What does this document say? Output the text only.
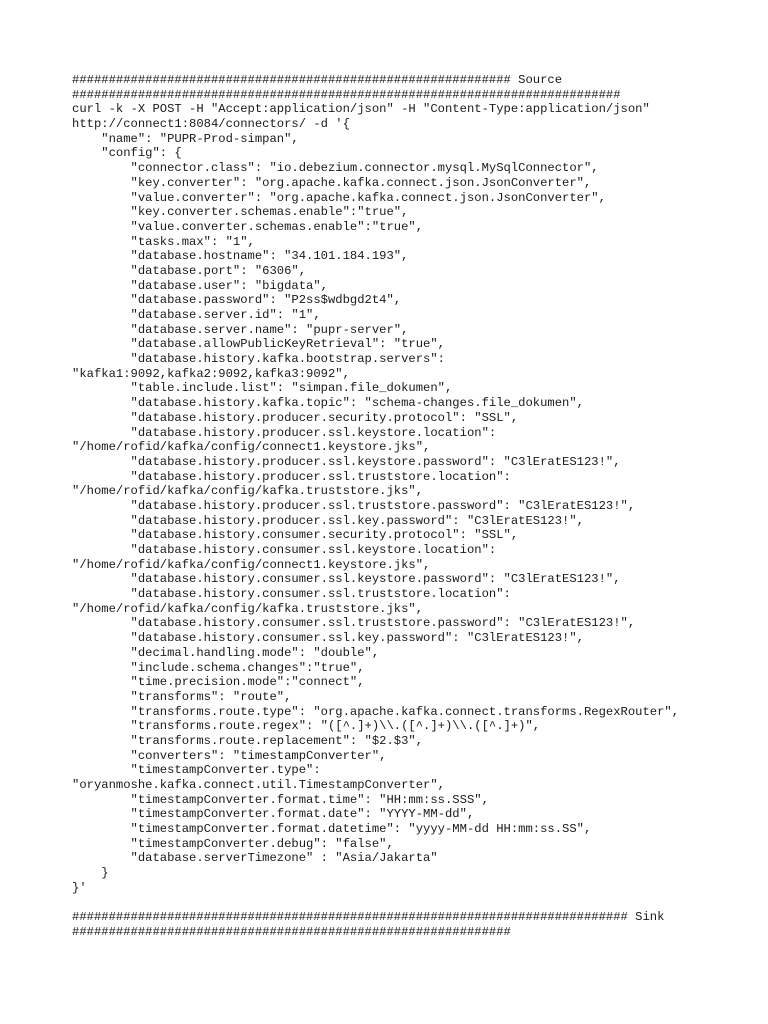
############################################################ Source
###########################################################################
curl -k -X POST -H "Accept:application/json" -H "Content-Type:application/json"
http://connect1:8084/connectors/ -d '{
"name": "PUPR-Prod-simpan",
"config": {
"connector.class": "io.debezium.connector.mysql.MySqlConnector",
"key.converter": "org.apache.kafka.connect.json.JsonConverter",
"value.converter": "org.apache.kafka.connect.json.JsonConverter",
"key.converter.schemas.enable":"true",
"value.converter.schemas.enable":"true",
"tasks.max": "1",
"database.hostname": "34.101.184.193",
"database.port": "6306",
"database.user": "bigdata",
"database.password": "P2ss$wdbgd2t4",
"database.server.id": "1",
"database.server.name": "pupr-server",
"database.allowPublicKeyRetrieval": "true",
"database.history.kafka.bootstrap.servers":
"kafka1:9092,kafka2:9092,kafka3:9092",
"table.include.list": "simpan.file_dokumen",
"database.history.kafka.topic": "schema-changes.file_dokumen",
"database.history.producer.security.protocol": "SSL",
"database.history.producer.ssl.keystore.location":
"/home/rofid/kafka/config/connect1.keystore.jks",
"database.history.producer.ssl.keystore.password": "C3lEratES123!",
"database.history.producer.ssl.truststore.location":
"/home/rofid/kafka/config/kafka.truststore.jks",
"database.history.producer.ssl.truststore.password": "C3lEratES123!",
"database.history.producer.ssl.key.password": "C3lEratES123!",
"database.history.consumer.security.protocol": "SSL",
"database.history.consumer.ssl.keystore.location":
"/home/rofid/kafka/config/connect1.keystore.jks",
"database.history.consumer.ssl.keystore.password": "C3lEratES123!",
"database.history.consumer.ssl.truststore.location":
"/home/rofid/kafka/config/kafka.truststore.jks",
"database.history.consumer.ssl.truststore.password": "C3lEratES123!",
"database.history.consumer.ssl.key.password": "C3lEratES123!",
"decimal.handling.mode": "double",
"include.schema.changes":"true",
"time.precision.mode":"connect",
"transforms": "route",
"transforms.route.type": "org.apache.kafka.connect.transforms.RegexRouter",
"transforms.route.regex": "([^.]+)\\.([^.]+)\\.([^.]+)",
"transforms.route.replacement": "$2.$3",
"converters": "timestampConverter",
"timestampConverter.type":
"oryanmoshe.kafka.connect.util.TimestampConverter",
"timestampConverter.format.time": "HH:mm:ss.SSS",
"timestampConverter.format.date": "YYYY-MM-dd",
"timestampConverter.format.datetime": "yyyy-MM-dd HH:mm:ss.SS",
"timestampConverter.debug": "false",
"database.serverTimezone" : "Asia/Jakarta"
}
}'
############################################################################ Sink
############################################################
